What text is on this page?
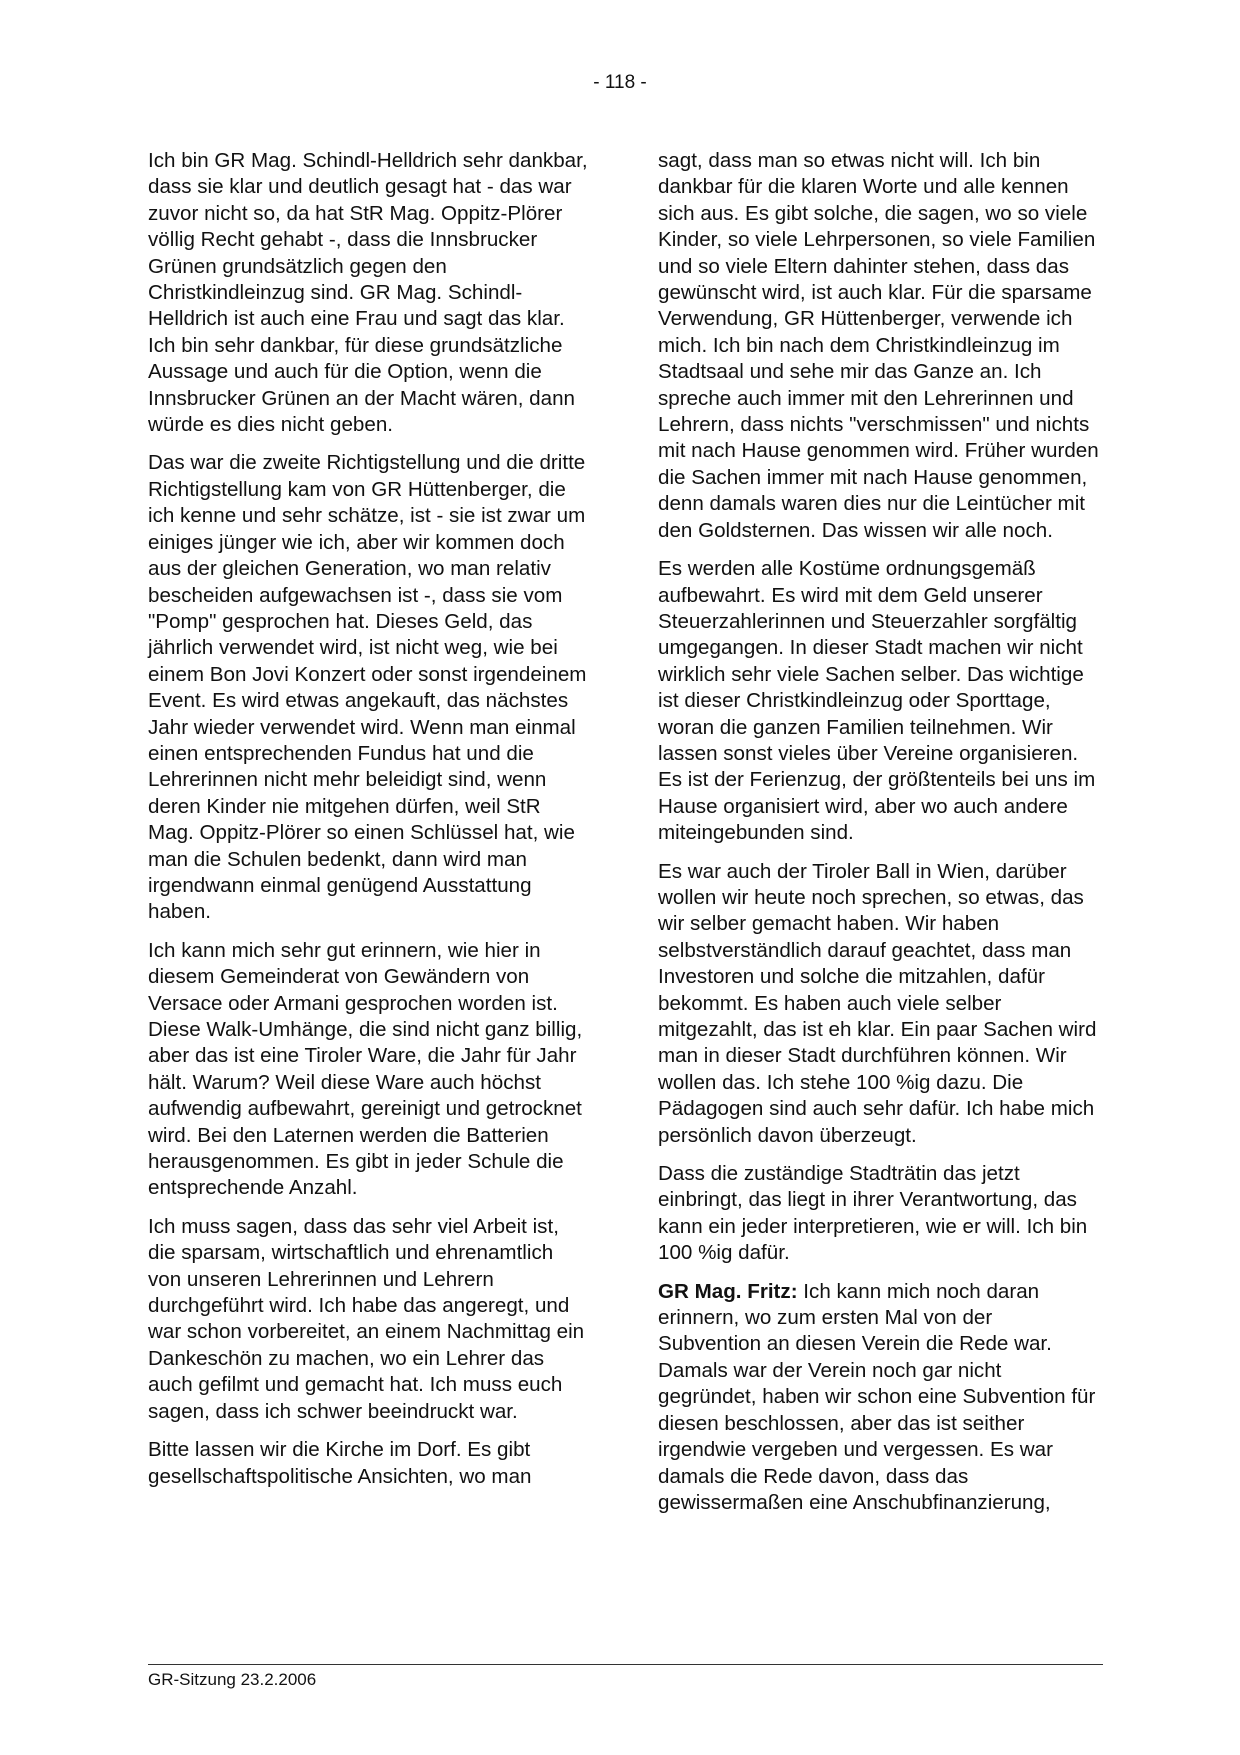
- 118 -

Ich bin GR Mag. Schindl-Helldrich sehr dankbar, dass sie klar und deutlich gesagt hat - das war zuvor nicht so, da hat StR Mag. Oppitz-Plörer völlig Recht gehabt -, dass die Innsbrucker Grünen grundsätzlich gegen den Christkindleinzug sind. GR Mag. Schindl-Helldrich ist auch eine Frau und sagt das klar. Ich bin sehr dankbar, für diese grundsätzliche Aussage und auch für die Option, wenn die Innsbrucker Grünen an der Macht wären, dann würde es dies nicht geben.

Das war die zweite Richtigstellung und die dritte Richtigstellung kam von GR Hüttenberger, die ich kenne und sehr schätze, ist - sie ist zwar um einiges jünger wie ich, aber wir kommen doch aus der gleichen Generation, wo man relativ bescheiden aufgewachsen ist -, dass sie vom "Pomp" gesprochen hat. Dieses Geld, das jährlich verwendet wird, ist nicht weg, wie bei einem Bon Jovi Konzert oder sonst irgendeinem Event. Es wird etwas angekauft, das nächstes Jahr wieder verwendet wird. Wenn man einmal einen entsprechenden Fundus hat und die Lehrerinnen nicht mehr beleidigt sind, wenn deren Kinder nie mitgehen dürfen, weil StR Mag. Oppitz-Plörer so einen Schlüssel hat, wie man die Schulen bedenkt, dann wird man irgendwann einmal genügend Ausstattung haben.

Ich kann mich sehr gut erinnern, wie hier in diesem Gemeinderat von Gewändern von Versace oder Armani gesprochen worden ist. Diese Walk-Umhänge, die sind nicht ganz billig, aber das ist eine Tiroler Ware, die Jahr für Jahr hält. Warum? Weil diese Ware auch höchst aufwendig aufbewahrt, gereinigt und getrocknet wird. Bei den Laternen werden die Batterien herausgenommen. Es gibt in jeder Schule die entsprechende Anzahl.

Ich muss sagen, dass das sehr viel Arbeit ist, die sparsam, wirtschaftlich und ehrenamtlich von unseren Lehrerinnen und Lehrern durchgeführt wird. Ich habe das angeregt, und war schon vorbereitet, an einem Nachmittag ein Dankeschön zu machen, wo ein Lehrer das auch gefilmt und gemacht hat. Ich muss euch sagen, dass ich schwer beeindruckt war.

Bitte lassen wir die Kirche im Dorf. Es gibt gesellschaftspolitische Ansichten, wo man

sagt, dass man so etwas nicht will. Ich bin dankbar für die klaren Worte und alle kennen sich aus. Es gibt solche, die sagen, wo so viele Kinder, so viele Lehrpersonen, so viele Familien und so viele Eltern dahinter stehen, dass das gewünscht wird, ist auch klar. Für die sparsame Verwendung, GR Hüttenberger, verwende ich mich. Ich bin nach dem Christkindleinzug im Stadtsaal und sehe mir das Ganze an. Ich spreche auch immer mit den Lehrerinnen und Lehrern, dass nichts "verschmissen" und nichts mit nach Hause genommen wird. Früher wurden die Sachen immer mit nach Hause genommen, denn damals waren dies nur die Leintücher mit den Goldsternen. Das wissen wir alle noch.

Es werden alle Kostüme ordnungsgemäß aufbewahrt. Es wird mit dem Geld unserer Steuerzahlerinnen und Steuerzahler sorgfältig umgegangen. In dieser Stadt machen wir nicht wirklich sehr viele Sachen selber. Das wichtige ist dieser Christkindleinzug oder Sporttage, woran die ganzen Familien teilnehmen. Wir lassen sonst vieles über Vereine organisieren. Es ist der Ferienzug, der größtenteils bei uns im Hause organisiert wird, aber wo auch andere miteingebunden sind.

Es war auch der Tiroler Ball in Wien, darüber wollen wir heute noch sprechen, so etwas, das wir selber gemacht haben. Wir haben selbstverständlich darauf geachtet, dass man Investoren und solche die mitzahlen, dafür bekommt. Es haben auch viele selber mitgezahlt, das ist eh klar. Ein paar Sachen wird man in dieser Stadt durchführen können. Wir wollen das. Ich stehe 100 %ig dazu. Die Pädagogen sind auch sehr dafür. Ich habe mich persönlich davon überzeugt.

Dass die zuständige Stadträtin das jetzt einbringt, das liegt in ihrer Verantwortung, das kann ein jeder interpretieren, wie er will. Ich bin 100 %ig dafür.

GR Mag. Fritz: Ich kann mich noch daran erinnern, wo zum ersten Mal von der Subvention an diesen Verein die Rede war. Damals war der Verein noch gar nicht gegründet, haben wir schon eine Subvention für diesen beschlossen, aber das ist seither irgendwie vergeben und vergessen. Es war damals die Rede davon, dass das gewissermaßen eine Anschubfinanzierung,

GR-Sitzung 23.2.2006
